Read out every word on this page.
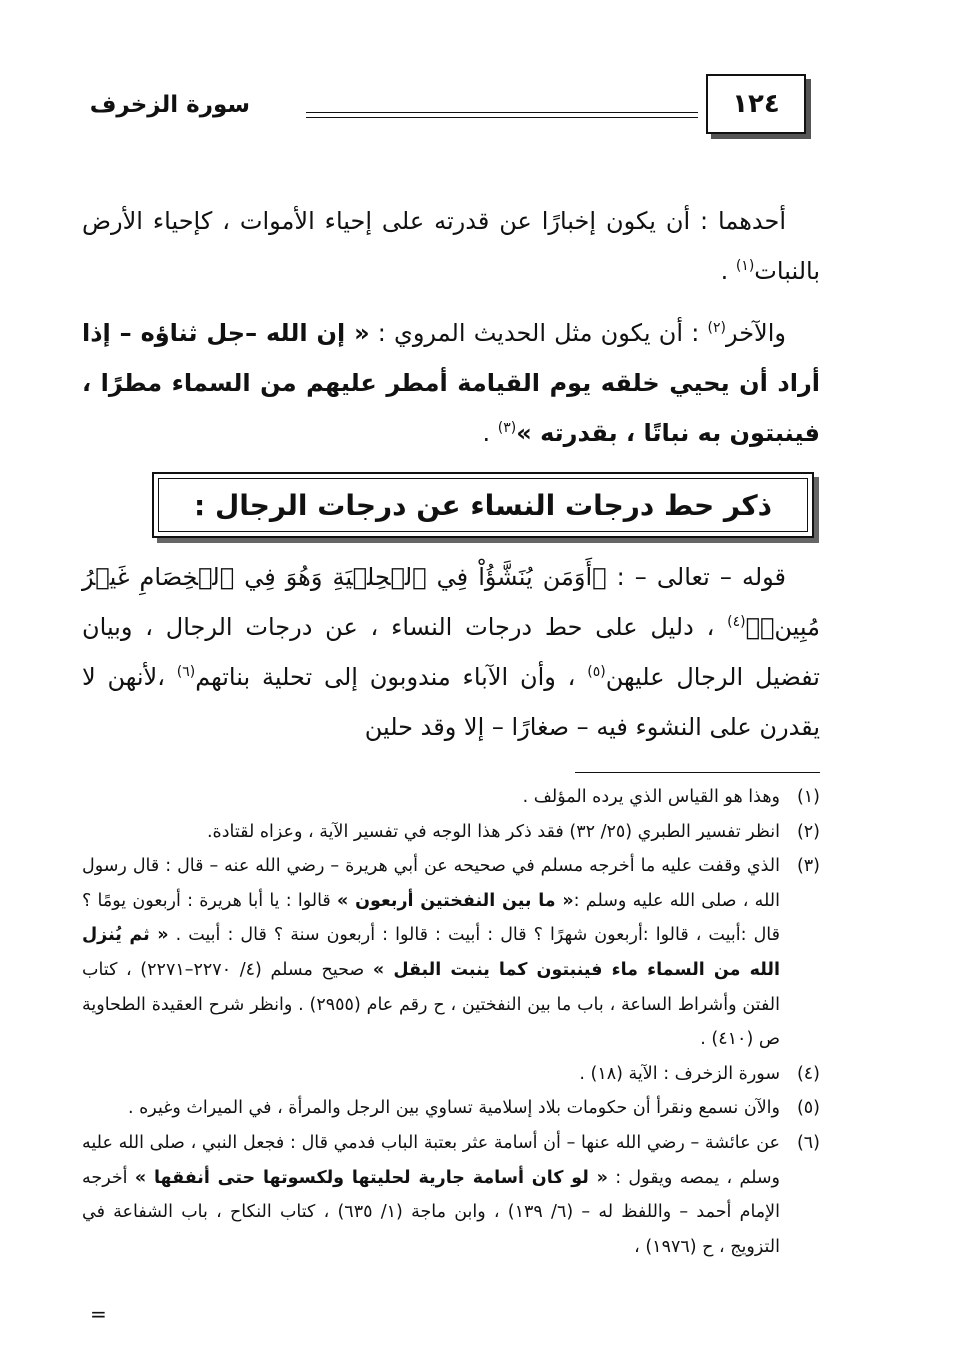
١٢٤
سورة الزخرف

أحدهما : أن يكون إخبارًا عن قدرته على إحياء الأموات ، كإحياء الأرض بالنبات$^{(١)}$ .

والآخر$^{(٢)}$ : أن يكون مثل الحديث المروي : « إن الله –جل ثناؤه – إذا أراد أن يحيي خلقه يوم القيامة أمطر عليهم من السماء مطرًا ، فينبتون به نباتًا ، بقدرته »$^{(٣)}$ .

ذكر حط درجات النساء عن درجات الرجال :

قوله – تعالى – : ﴿أَوَمَن يُنَشَّؤُاْ فِي ٱلۡحِلۡيَةِ وَهُوَ فِي ٱلۡخِصَامِ غَيۡرُ مُبِينٖ﴾$^{(٤)}$ ، دليل على حط درجات النساء ، عن درجات الرجال ، وبيان تفضيل الرجال عليهن$^{(٥)}$ ، وأن الآباء مندوبون إلى تحلية بناتهم$^{(٦)}$ ،لأنهن لا يقدرن على النشوء فيه – صغارًا – إلا وقد حلين

(١)
وهذا هو القياس الذي يرده المؤلف .

(٢)
انظر تفسير الطبري (٢٥/ ٣٢) فقد ذكر هذا الوجه في تفسير الآية ، وعزاه لقتادة.

(٣)
الذي وقفت عليه ما أخرجه مسلم في صحيحه عن أبي هريرة – رضي الله عنه – قال : قال رسول الله ، صلى الله عليه وسلم :« ما بين النفختين أربعون » قالوا : يا أبا هريرة : أربعون يومًا ؟ قال :أبيت ، قالوا :أربعون شهرًا ؟ قال : أبيت : قالوا : أربعون سنة ؟ قال : أبيت . « ثم يُنزل الله من السماء ماء فينبتون كما ينبت البقل » صحيح مسلم (٤/ ٢٢٧٠–٢٢٧١) ، كتاب الفتن وأشراط الساعة ، باب ما بين النفختين ، ح رقم عام (٢٩٥٥) . وانظر شرح العقيدة الطحاوية ص (٤١٠) .

(٤)
سورة الزخرف : الآية (١٨) .

(٥)
والآن نسمع ونقرأ أن حكومات بلاد إسلامية تساوي بين الرجل والمرأة ، في الميراث وغيره .

(٦)
عن عائشة – رضي الله عنها – أن أسامة عثر بعتبة الباب فدمي قال : فجعل النبي ، صلى الله عليه وسلم ، يمصه ويقول : « لو كان أسامة جارية لحليتها ولكسوتها حتى أنفقها » أخرجه الإمام أحمد – واللفظ له – (٦/ ١٣٩) ، وابن ماجة (١/ ٦٣٥) ، كتاب النكاح ، باب الشفاعة في التزويج ، ح (١٩٧٦) ،

=
